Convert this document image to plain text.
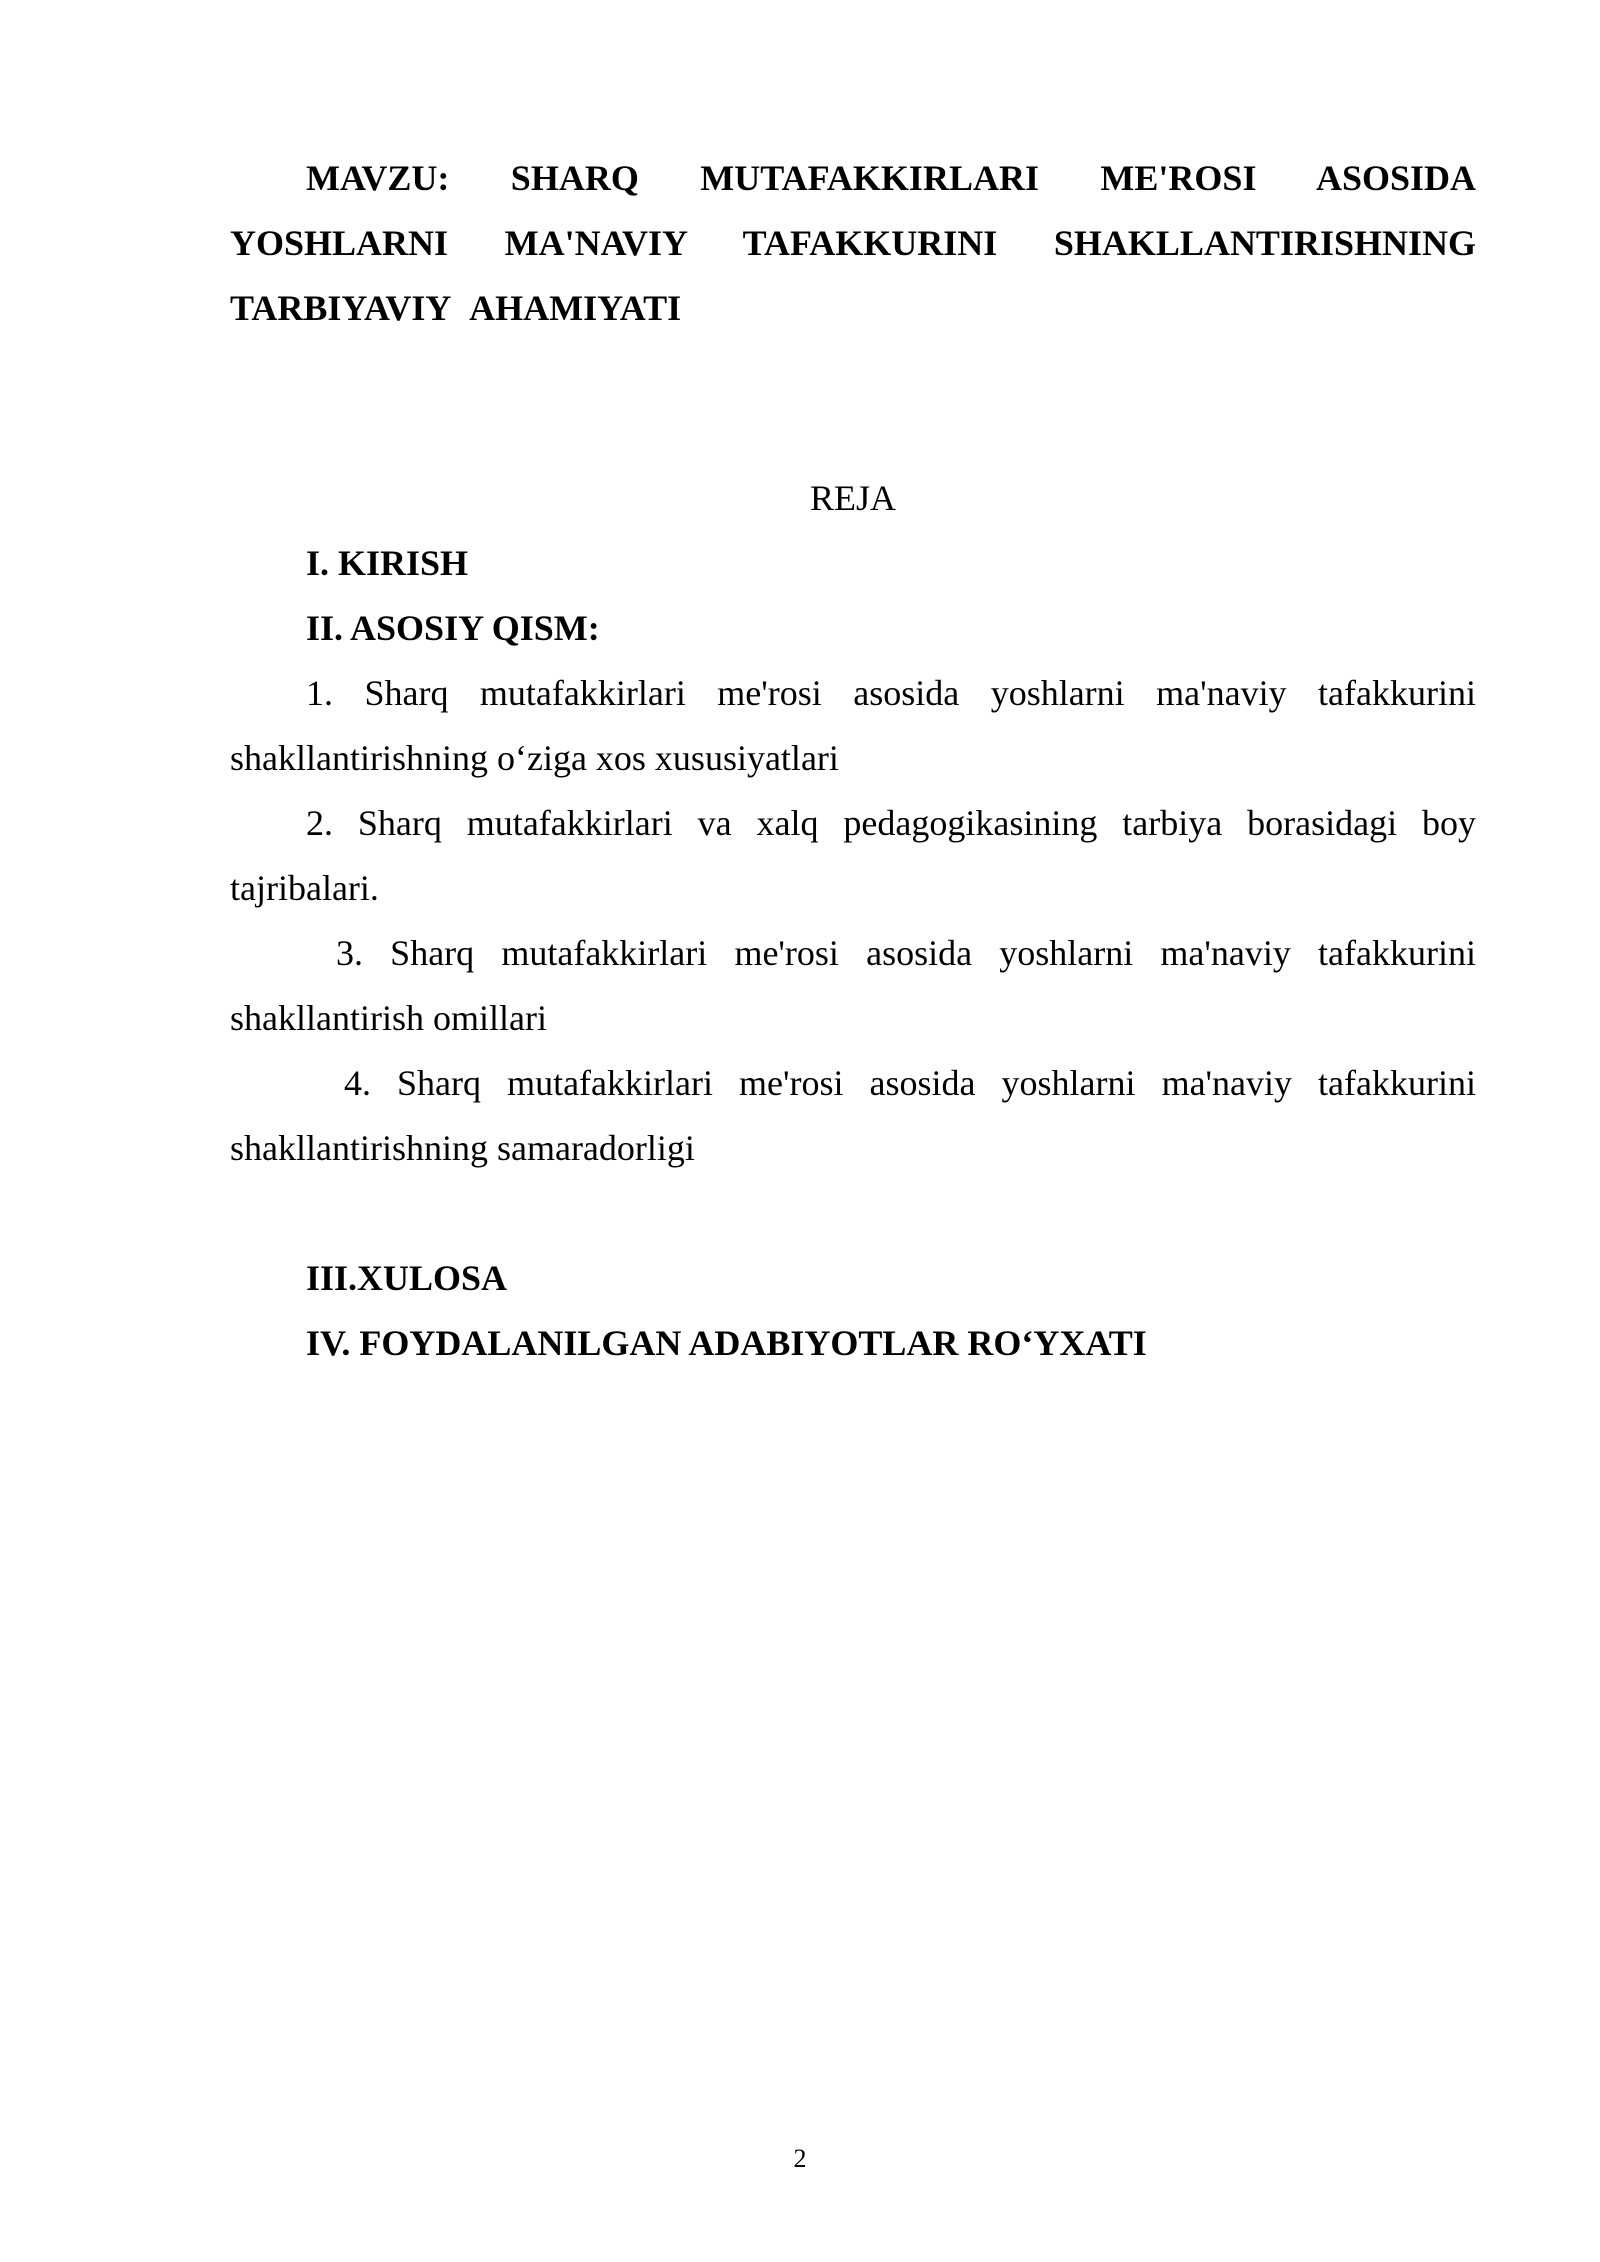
MAVZU: SHARQ MUTAFAKKIRLARI ME'ROSI ASOSIDA YOSHLARNI MA'NAVIY TAFAKKURINI SHAKLLANTIRISHNING TARBIYAVIY AHAMIYATI

REJA

I. KIRISH

II. ASOSIY QISM:

1. Sharq mutafakkirlari me'rosi asosida yoshlarni ma'naviy tafakkurini shakllantirishning o‘ziga xos xususiyatlari

2. Sharq mutafakkirlari va xalq pedagogikasining tarbiya borasidagi boy tajribalari.

3. Sharq mutafakkirlari me'rosi asosida yoshlarni ma'naviy tafakkurini shakllantirish omillari

4. Sharq mutafakkirlari me'rosi asosida yoshlarni ma'naviy tafakkurini shakllantirishning samaradorligi

III.XULOSA

IV. FOYDALANILGAN ADABIYOTLAR RO‘YXATI

2
